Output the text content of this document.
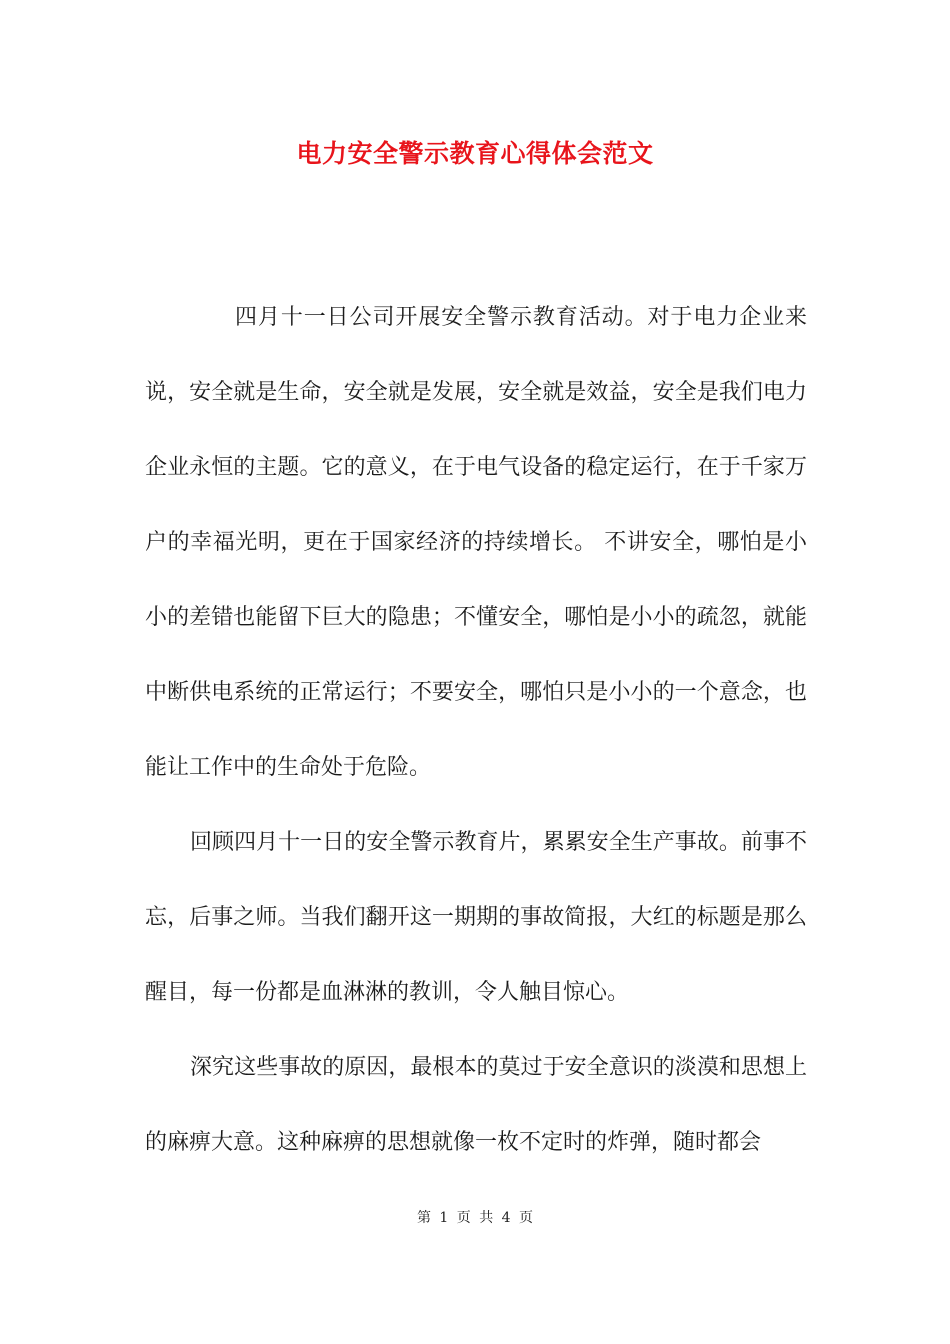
电力安全警示教育心得体会范文

四月十一日公司开展安全警示教育活动。对于电力企业来说，安全就是生命，安全就是发展，安全就是效益，安全是我们电力企业永恒的主题。它的意义，在于电气设备的稳定运行，在于千家万户的幸福光明，更在于国家经济的持续增长。 不讲安全，哪怕是小小的差错也能留下巨大的隐患；不懂安全，哪怕是小小的疏忽，就能中断供电系统的正常运行；不要安全，哪怕只是小小的一个意念，也能让工作中的生命处于危险。

回顾四月十一日的安全警示教育片，累累安全生产事故。前事不忘，后事之师。当我们翻开这一期期的事故简报，大红的标题是那么醒目，每一份都是血淋淋的教训，令人触目惊心。

深究这些事故的原因，最根本的莫过于安全意识的淡漠和思想上的麻痹大意。这种麻痹的思想就像一枚不定时的炸弹，随时都会

第 1 页 共 4 页
